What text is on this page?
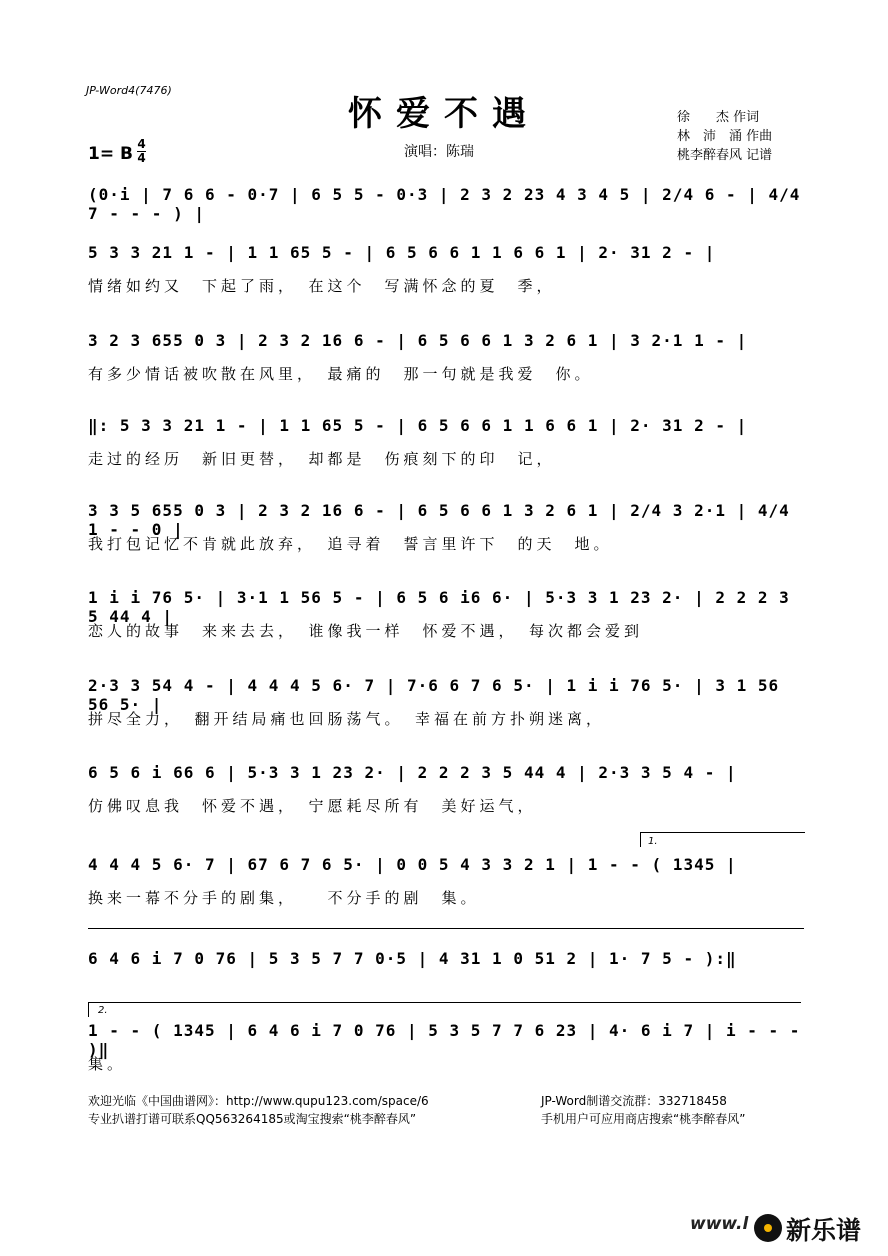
JP-Word4(7476)
怀爱不遇
1= B 4
4	演唱：陈瑞
徐　　杰 作词
林　沛　涌 作曲
桃李醉春风 记谱
(0·i | 7 6 6 - 0·7 | 6 5 5 - 0·3 | 2 3 2 23 4 3 4 5 | 2/4 6 - | 4/4 7 - - - ) |
5 3 3 21 1 - | 1 1 65 5 - | 6 5 6 6 1 1 6 6 1 | 2· 31 2 - |
情绪如约又　下起了雨，　在这个　写满怀念的夏　季，
3 2 3 655 0 3 | 2 3 2 16 6 - | 6 5 6 6 1 3 2 6 1 | 3 2·1 1 - |
有多少情话被吹散在风里，　最痛的　那一句就是我爱　你。
‖: 5 3 3 21 1 - | 1 1 65 5 - | 6 5 6 6 1 1 6 6 1 | 2· 31 2 - |
走过的经历　新旧更替，　却都是　伤痕刻下的印　记，
3 3 5 655 0 3 | 2 3 2 16 6 - | 6 5 6 6 1 3 2 6 1 | 2/4 3 2·1 | 4/4 1 - - 0 |
我打包记忆不肯就此放弃，　追寻着　誓言里许下　的天　地。
1 i i 76 5· | 3·1 1 56 5 - | 6 5 6 i6 6· | 5·3 3 1 23 2· | 2 2 2 3 5 44 4 |
恋人的故事　来来去去，　谁像我一样　怀爱不遇，　每次都会爱到
2·3 3 54 4 - | 4 4 4 5 6· 7 | 7·6 6 7 6 5· | 1 i i 76 5· | 3 1 56 56 5· |
拼尽全力，　翻开结局痛也回肠荡气。　幸福在前方扑朔迷离，
6 5 6 i 66 6 | 5·3 3 1 23 2· | 2 2 2 3 5 44 4 | 2·3 3 5 4 - |
仿佛叹息我　怀爱不遇，　宁愿耗尽所有　美好运气，
1.
4 4 4 5 6· 7 | 67 6 7 6 5· | 0 0 5 4 3 3 2 1 | 1 - - ( 1345 |
换来一幕不分手的剧集，　　不分手的剧　集。
6 4 6 i 7 0 76 | 5 3 5 7 7 0·5 | 4 31 1 0 51 2 | 1· 7 5 - ):‖
2.
1 - - ( 1345 | 6 4 6 i 7 0 76 | 5 3 5 7 7 6 23 | 4· 6 i 7 | i - - - )‖
集。
欢迎光临《中国曲谱网》：http://www.qupu123.com/space/6
专业扒谱打谱可联系QQ563264185或淘宝搜索“桃李醉春风”
JP-Word制谱交流群：332718458
手机用户可应用商店搜索“桃李醉春风”
www.l 新乐谱
